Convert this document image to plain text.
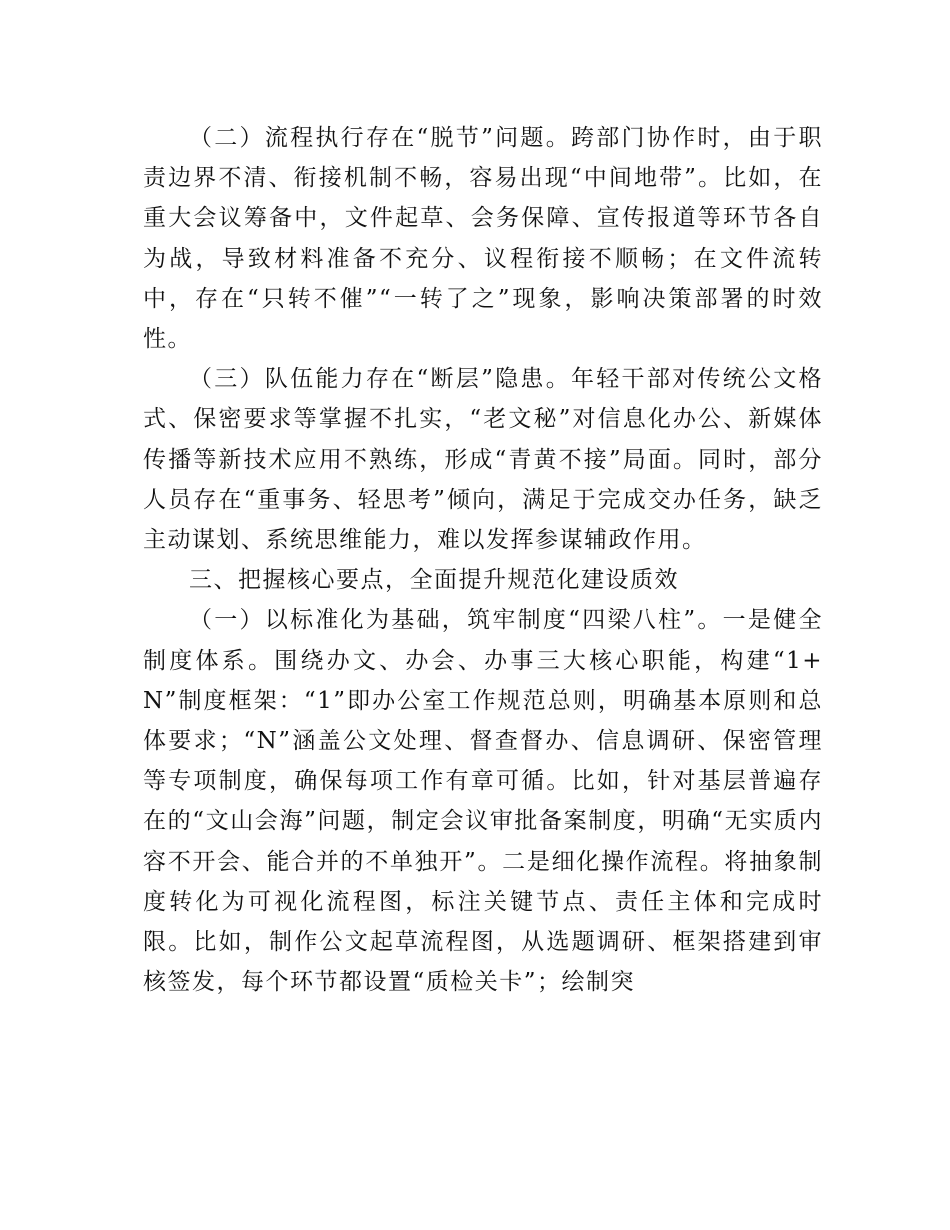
（二）流程执行存在“脱节”问题。跨部门协作时，由于职责边界不清、衔接机制不畅，容易出现“中间地带”。比如，在重大会议筹备中，文件起草、会务保障、宣传报道等环节各自为战，导致材料准备不充分、议程衔接不顺畅；在文件流转中，存在“只转不催”“一转了之”现象，影响决策部署的时效性。

（三）队伍能力存在“断层”隐患。年轻干部对传统公文格式、保密要求等掌握不扎实，“老文秘”对信息化办公、新媒体传播等新技术应用不熟练，形成“青黄不接”局面。同时，部分人员存在“重事务、轻思考”倾向，满足于完成交办任务，缺乏主动谋划、系统思维能力，难以发挥参谋辅政作用。

三、把握核心要点，全面提升规范化建设质效

（一）以标准化为基础，筑牢制度“四梁八柱”。一是健全制度体系。围绕办文、办会、办事三大核心职能，构建“1+N”制度框架：“1”即办公室工作规范总则，明确基本原则和总体要求；“N”涵盖公文处理、督查督办、信息调研、保密管理等专项制度，确保每项工作有章可循。比如，针对基层普遍存在的“文山会海”问题，制定会议审批备案制度，明确“无实质内容不开会、能合并的不单独开”。二是细化操作流程。将抽象制度转化为可视化流程图，标注关键节点、责任主体和完成时限。比如，制作公文起草流程图，从选题调研、框架搭建到审核签发，每个环节都设置“质检关卡”；绘制突
